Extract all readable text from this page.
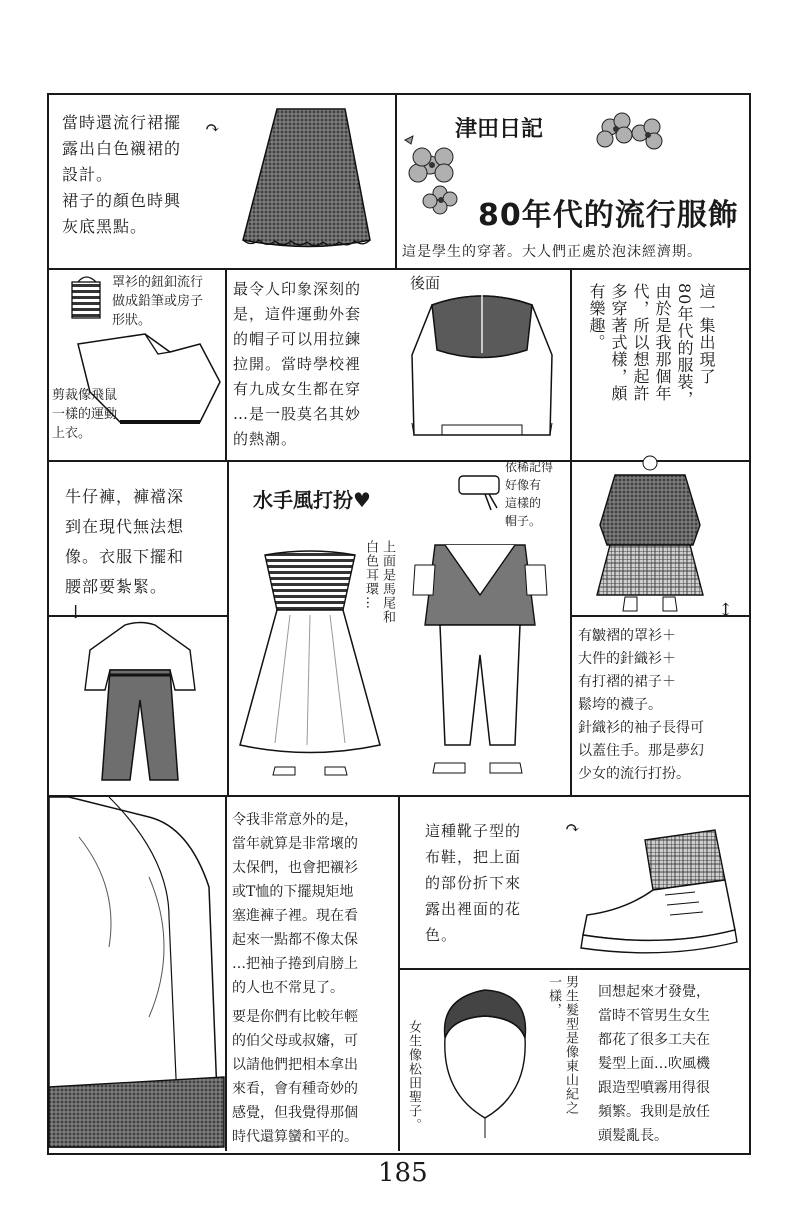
當時還流行裙擺
露出白色襯裙的
設計。
裙子的顏色時興
灰底黑點。
↷	津田日記
80年代的流行服飾
這是學生的穿著。大人們正處於泡沫經濟期。
罩衫的鈕釦流行
做成鉛筆或房子
形狀。
剪裁像飛鼠
一樣的運動
上衣。
最令人印象深刻的
是，這件運動外套
的帽子可以用拉鍊
拉開。當時學校裡
有九成女生都在穿
…是一股莫名其妙
的熱潮。
後面	這一集出現了
80年代的服裝，
由於是我那個年
代，所以想起許
多穿著式樣，頗
有樂趣。
牛仔褲，褲襠深
到在現代無法想
像。衣服下擺和
腰部要紮緊。
水手風打扮♥
依稀記得
好像有
這樣的
帽子。
上面是馬尾和
白色耳環…
↓	↕
有皺褶的罩衫＋
大件的針織衫＋
有打褶的裙子＋
鬆垮的襪子。
針織衫的袖子長得可
以蓋住手。那是夢幻
少女的流行打扮。
令我非常意外的是，
當年就算是非常壞的
太保們，也會把襯衫
或T恤的下擺規矩地
塞進褲子裡。現在看
起來一點都不像太保
…把袖子捲到肩膀上
的人也不常見了。
要是你們有比較年輕
的伯父母或叔嬸，可
以請他們把相本拿出
來看，會有種奇妙的
感覺，但我覺得那個
時代還算蠻和平的。
這種靴子型的
布鞋，把上面
的部份折下來
露出裡面的花
色。
↷
女生像松田聖子。	男生髮型是像東山紀之
一樣，	回想起來才發覺，
當時不管男生女生
都花了很多工夫在
髮型上面…吹風機
跟造型噴霧用得很
頻繁。我則是放任
頭髮亂長。
185
